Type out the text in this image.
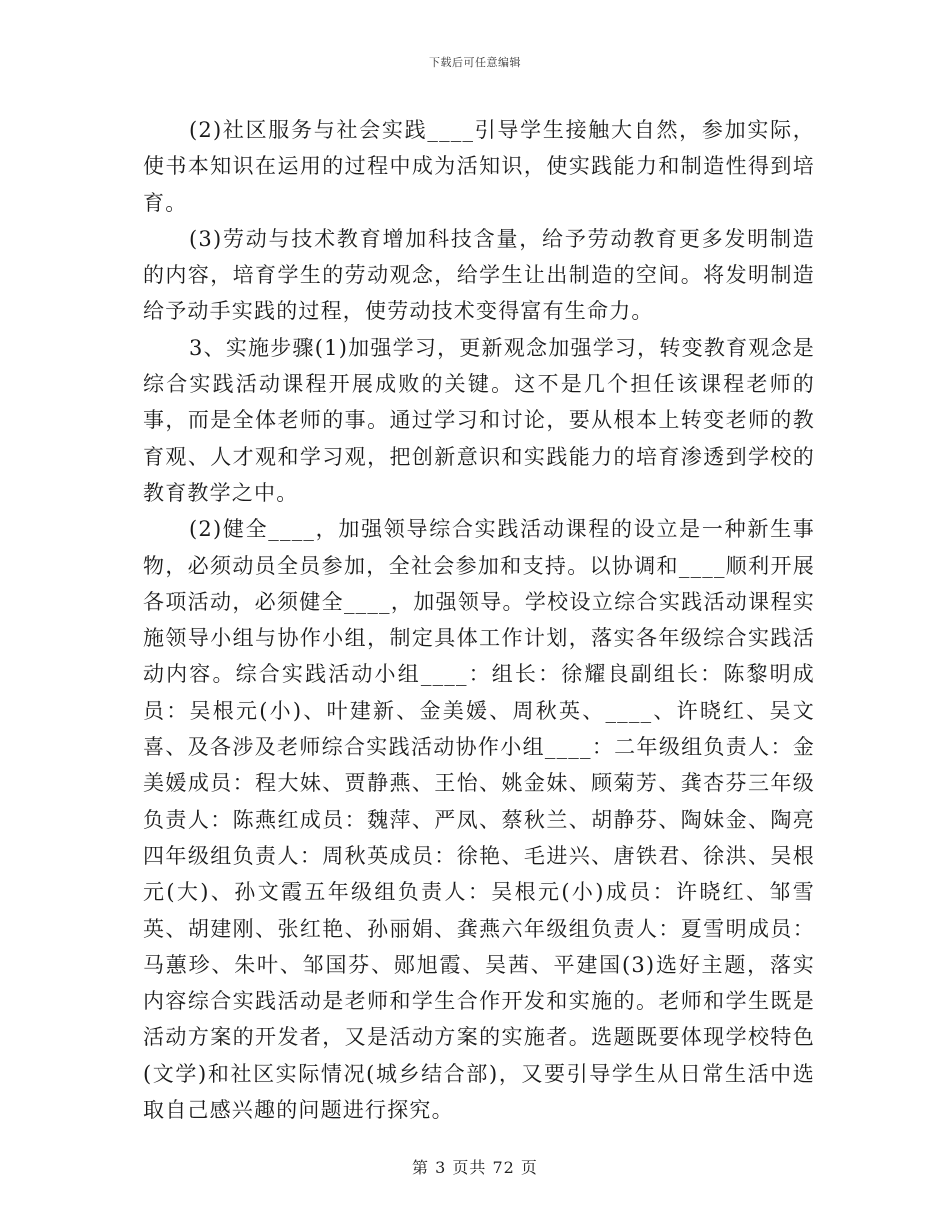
下载后可任意编辑

(2)社区服务与社会实践____引导学生接触大自然，参加实际，使书本知识在运用的过程中成为活知识，使实践能力和制造性得到培育。

(3)劳动与技术教育增加科技含量，给予劳动教育更多发明制造的内容，培育学生的劳动观念，给学生让出制造的空间。将发明制造给予动手实践的过程，使劳动技术变得富有生命力。

3、实施步骤(1)加强学习，更新观念加强学习，转变教育观念是综合实践活动课程开展成败的关键。这不是几个担任该课程老师的事，而是全体老师的事。通过学习和讨论，要从根本上转变老师的教育观、人才观和学习观，把创新意识和实践能力的培育渗透到学校的教育教学之中。

(2)健全____，加强领导综合实践活动课程的设立是一种新生事物，必须动员全员参加，全社会参加和支持。以协调和____顺利开展各项活动，必须健全____，加强领导。学校设立综合实践活动课程实施领导小组与协作小组，制定具体工作计划，落实各年级综合实践活动内容。综合实践活动小组____：组长：徐耀良副组长：陈黎明成员：吴根元(小)、叶建新、金美媛、周秋英、____、许晓红、吴文喜、及各涉及老师综合实践活动协作小组____：二年级组负责人：金美媛成员：程大妹、贾静燕、王怡、姚金妹、顾菊芳、龚杏芬三年级负责人：陈燕红成员：魏萍、严凤、蔡秋兰、胡静芬、陶妹金、陶亮四年级组负责人：周秋英成员：徐艳、毛进兴、唐铁君、徐洪、吴根元(大)、孙文霞五年级组负责人：吴根元(小)成员：许晓红、邹雪英、胡建刚、张红艳、孙丽娟、龚燕六年级组负责人：夏雪明成员：马蕙珍、朱叶、邹国芬、郧旭霞、吴茜、平建国(3)选好主题，落实内容综合实践活动是老师和学生合作开发和实施的。老师和学生既是活动方案的开发者，又是活动方案的实施者。选题既要体现学校特色(文学)和社区实际情况(城乡结合部)，又要引导学生从日常生活中选取自己感兴趣的问题进行探究。

第 3 页共 72 页
